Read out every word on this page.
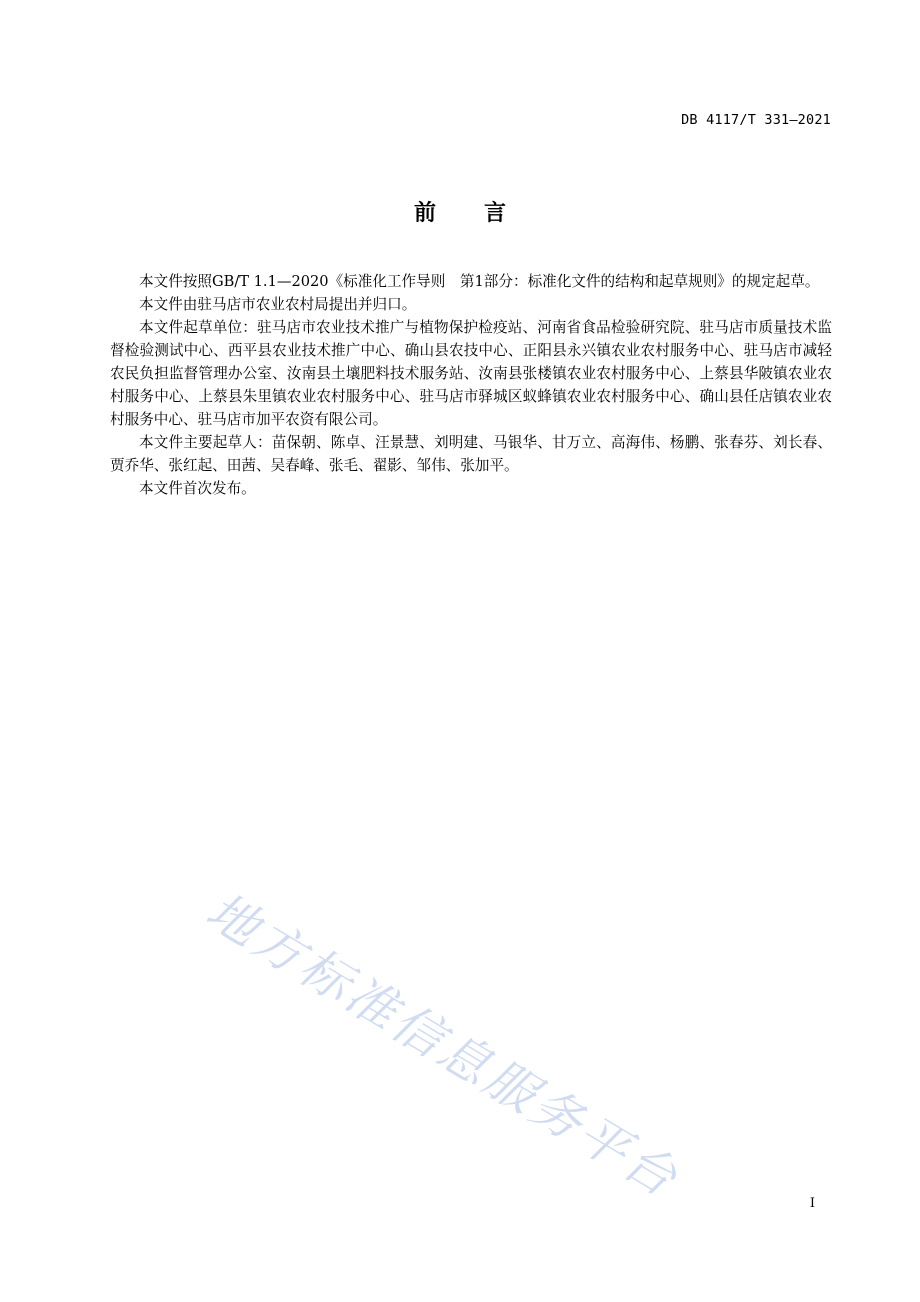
DB 4117/T 331—2021
前 言

本文件按照GB/T 1.1—2020《标准化工作导则　第1部分：标准化文件的结构和起草规则》的规定起草。

本文件由驻马店市农业农村局提出并归口。

本文件起草单位：驻马店市农业技术推广与植物保护检疫站、河南省食品检验研究院、驻马店市质量技术监督检验测试中心、西平县农业技术推广中心、确山县农技中心、正阳县永兴镇农业农村服务中心、驻马店市减轻农民负担监督管理办公室、汝南县土壤肥料技术服务站、汝南县张楼镇农业农村服务中心、上蔡县华陂镇农业农村服务中心、上蔡县朱里镇农业农村服务中心、驻马店市驿城区蚁蜂镇农业农村服务中心、确山县任店镇农业农村服务中心、驻马店市加平农资有限公司。

本文件主要起草人：苗保朝、陈卓、汪景慧、刘明建、马银华、甘万立、高海伟、杨鹏、张春芬、刘长春、贾乔华、张红起、田茜、吴春峰、张毛、翟影、邹伟、张加平。

本文件首次发布。

地方标准信息服务平台	I
